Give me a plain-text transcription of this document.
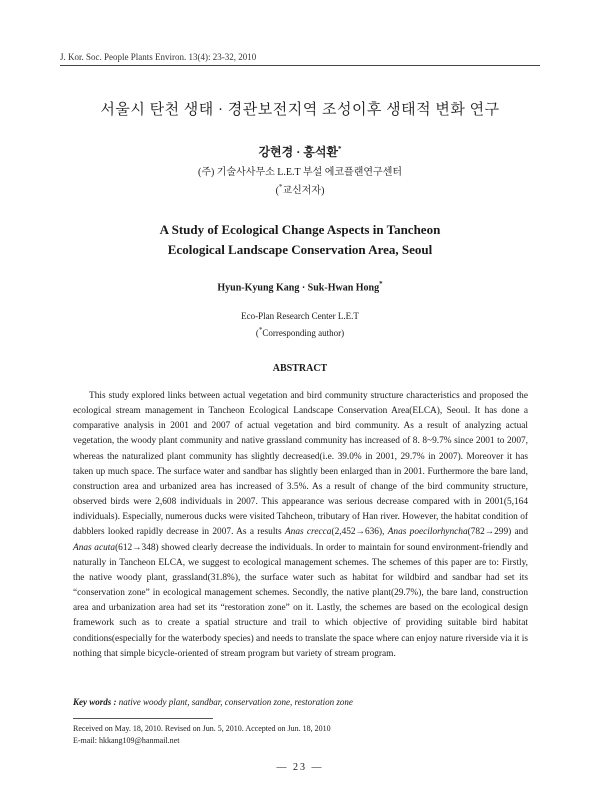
J. Kor. Soc. People Plants Environ. 13(4): 23-32, 2010
서울시 탄천 생태 · 경관보전지역 조성이후 생태적 변화 연구
강현경 · 홍석환*
(주) 기술사사무소 L.E.T 부설 에코플랜연구센터
(*교신저자)
A Study of Ecological Change Aspects in Tancheon
Ecological Landscape Conservation Area, Seoul
Hyun-Kyung Kang · Suk-Hwan Hong*
Eco-Plan Research Center L.E.T
(*Corresponding author)
ABSTRACT
This study explored links between actual vegetation and bird community structure characteristics and proposed the ecological stream management in Tancheon Ecological Landscape Conservation Area(ELCA), Seoul. It has done a comparative analysis in 2001 and 2007 of actual vegetation and bird community. As a result of analyzing actual vegetation, the woody plant community and native grassland community has increased of 8. 8~9.7% since 2001 to 2007, whereas the naturalized plant community has slightly decreased(i.e. 39.0% in 2001, 29.7% in 2007). Moreover it has taken up much space. The surface water and sandbar has slightly been enlarged than in 2001. Furthermore the bare land, construction area and urbanized area has increased of 3.5%. As a result of change of the bird community structure, observed birds were 2,608 individuals in 2007. This appearance was serious decrease compared with in 2001(5,164 individuals). Especially, numerous ducks were visited Tahcheon, tributary of Han river. However, the habitat condition of dabblers looked rapidly decrease in 2007. As a results Anas crecca(2,452→636), Anas poecilorhyncha(782→299) and Anas acuta(612→348) showed clearly decrease the individuals. In order to maintain for sound environment-friendly and naturally in Tancheon ELCA, we suggest to ecological management schemes. The schemes of this paper are to: Firstly, the native woody plant, grassland(31.8%), the surface water such as habitat for wildbird and sandbar had set its “conservation zone” in ecological management schemes. Secondly, the native plant(29.7%), the bare land, construction area and urbanization area had set its “restoration zone” on it. Lastly, the schemes are based on the ecological design framework such as to create a spatial structure and trail to which objective of providing suitable bird habitat conditions(especially for the waterbody species) and needs to translate the space where can enjoy nature riverside via it is nothing that simple bicycle-oriented of stream program but variety of stream program.
Key words : native woody plant, sandbar, conservation zone, restoration zone
Received on May. 18, 2010. Revised on Jun. 5, 2010. Accepted on Jun. 18, 2010
E-mail: hkkang109@hanmail.net
— 23 —
